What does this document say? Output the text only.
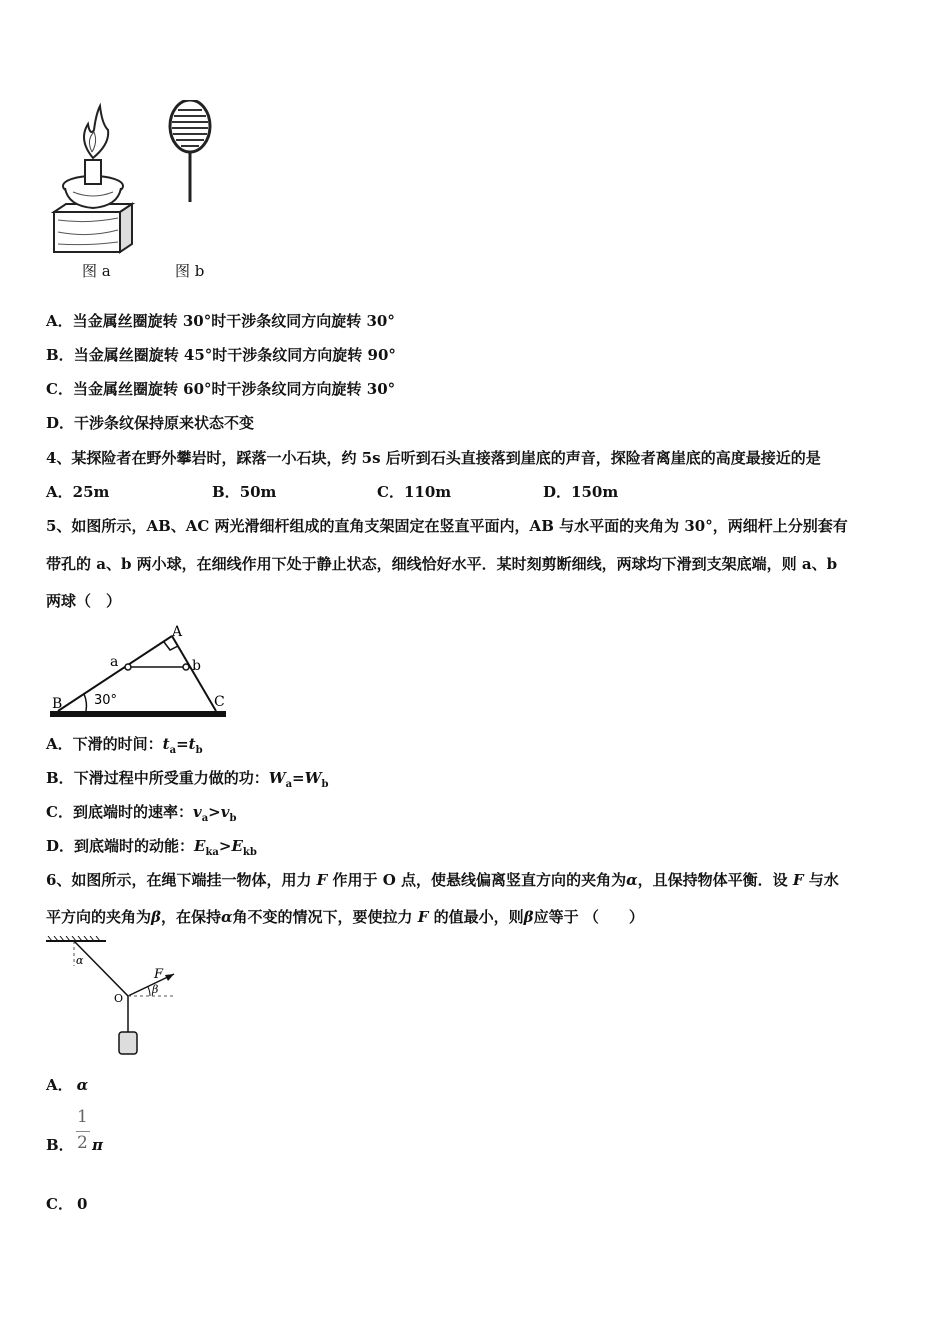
图 a	图 b
A．当金属丝圈旋转 30°时干涉条纹同方向旋转 30°
B．当金属丝圈旋转 45°时干涉条纹同方向旋转 90°
C．当金属丝圈旋转 60°时干涉条纹同方向旋转 30°
D．干涉条纹保持原来状态不变
4、某探险者在野外攀岩时，踩落一小石块，约 5s 后听到石头直接落到崖底的声音，探险者离崖底的高度最接近的是
A．25m	B．50m	C．110m	D．150m
5、如图所示，AB、AC 两光滑细杆组成的直角支架固定在竖直平面内，AB 与水平面的夹角为 30°，两细杆上分别套有
带孔的 a、b 两小球，在细线作用下处于静止状态，细线恰好水平．某时刻剪断细线，两球均下滑到支架底端，则 a、b
两球（　）
A
B	C
a	b
30°
A．下滑的时间：$t_a=t_b$
B．下滑过程中所受重力做的功：$W_a=W_b$
C．到底端时的速率：$v_a>v_b$
D．到底端时的动能：$E_{ka}>E_{kb}$
6、如图所示，在绳下端挂一物体，用力 F 作用于 O 点，使悬线偏离竖直方向的夹角为α，且保持物体平衡．设 F 与水
平方向的夹角为β，在保持α角不变的情况下，要使拉力 F 的值最小，则β应等于 （　　）
α
β
F
O
A． α
B．
1
2 π
C． 0
